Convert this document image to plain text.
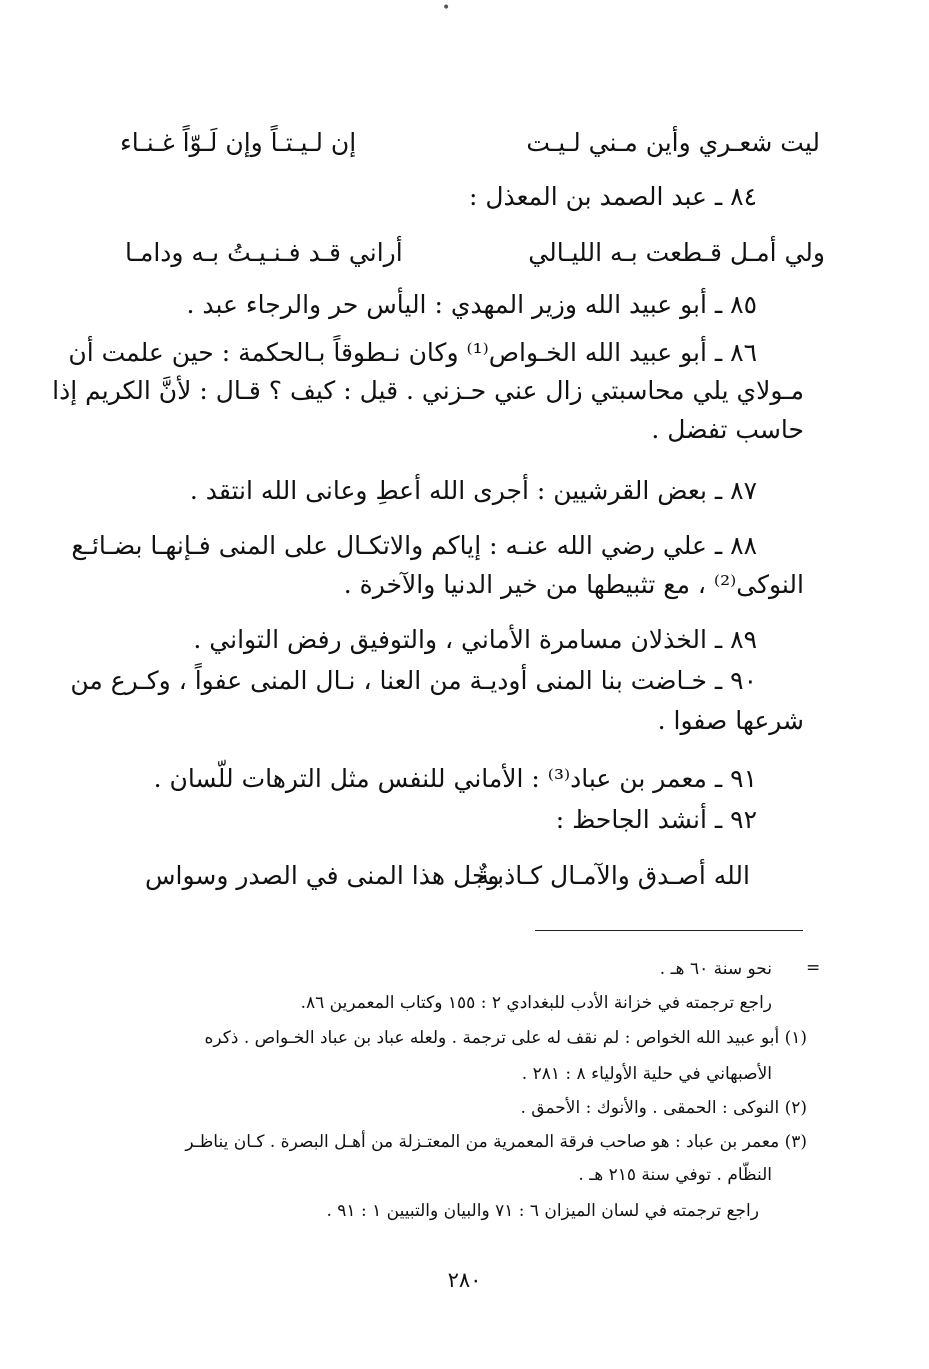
•
ليت شعـري وأين مـني لـيـت
إن لـيـتـاً وإن لَـوّاً غـنـاء

٨٤ ـ عبد الصمد بن المعذل :

ولي أمـل قـطعت بـه الليـالي
أراني قـد فـنـيـتُ بـه ودامـا

٨٥ ـ أبو عبيد الله وزير المهدي : اليأس حر والرجاء عبد .

٨٦ ـ أبو عبيد الله الخـواص⁽¹⁾ وكان نـطوقاً بـالحكمة : حين علمت أن

مـولاي يلي محاسبتي زال عني حـزني . قيل : كيف ؟ قـال : لأنَّ الكريم إذا

حاسب تفضل .

٨٧ ـ بعض القرشيين : أجرى الله أعطِ وعانى الله انتقد .

٨٨ ـ علي رضي الله عنـه : إياكم والاتكـال على المنى فـإنهـا بضـائـع

النوكى⁽²⁾ ، مع تثبيطها من خير الدنيا والآخرة .

٨٩ ـ الخذلان مسامرة الأماني ، والتوفيق رفض التواني .

٩٠ ـ خـاضت بنا المنى أوديـة من العنا ، نـال المنى عفواً ، وكـرع من

شرعها صفوا .

٩١ ـ معمر بن عباد⁽³⁾ : الأماني للنفس مثل الترهات للّسان .

٩٢ ـ أنشد الجاحظ :

الله أصـدق والآمـال كـاذبـةٌ
وجل هذا المنى في الصدر وسواس
=

نحو سنة ٦٠ هـ .

راجع ترجمته في خزانة الأدب للبغدادي ٢ : ١٥٥ وكتاب المعمرين ٨٦.

(١) أبو عبيد الله الخواص : لم نقف له على ترجمة . ولعله عباد بن عباد الخـواص . ذكره

الأصبهاني في حلية الأولياء ٨ : ٢٨١ .

(٢) النوكى : الحمقى . والأنوك : الأحمق .

(٣) معمر بن عباد : هو صاحب فرقة المعمرية من المعتـزلة من أهـل البصرة . كـان يناظـر

النظّام . توفي سنة ٢١٥ هـ .

راجع ترجمته في لسان الميزان ٦ : ٧١ والبيان والتبيين ١ : ٩١ .

٢٨٠
